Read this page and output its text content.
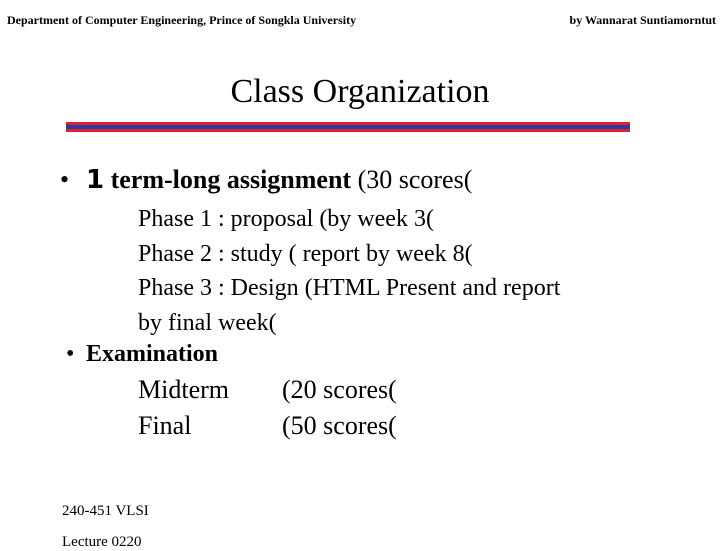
Department of Computer Engineering, Prince of Songkla University	by Wannarat Suntiamorntut
Class Organization
• 1 term-long assignment (30 scores(
Phase 1 : proposal (by week 3(
Phase 2 : study ( report by week 8(
Phase 3 : Design (HTML Present and report
by final week(
• Examination
Midterm (20 scores(
Final	(50 scores(
240-451 VLSI
Lecture 0220
